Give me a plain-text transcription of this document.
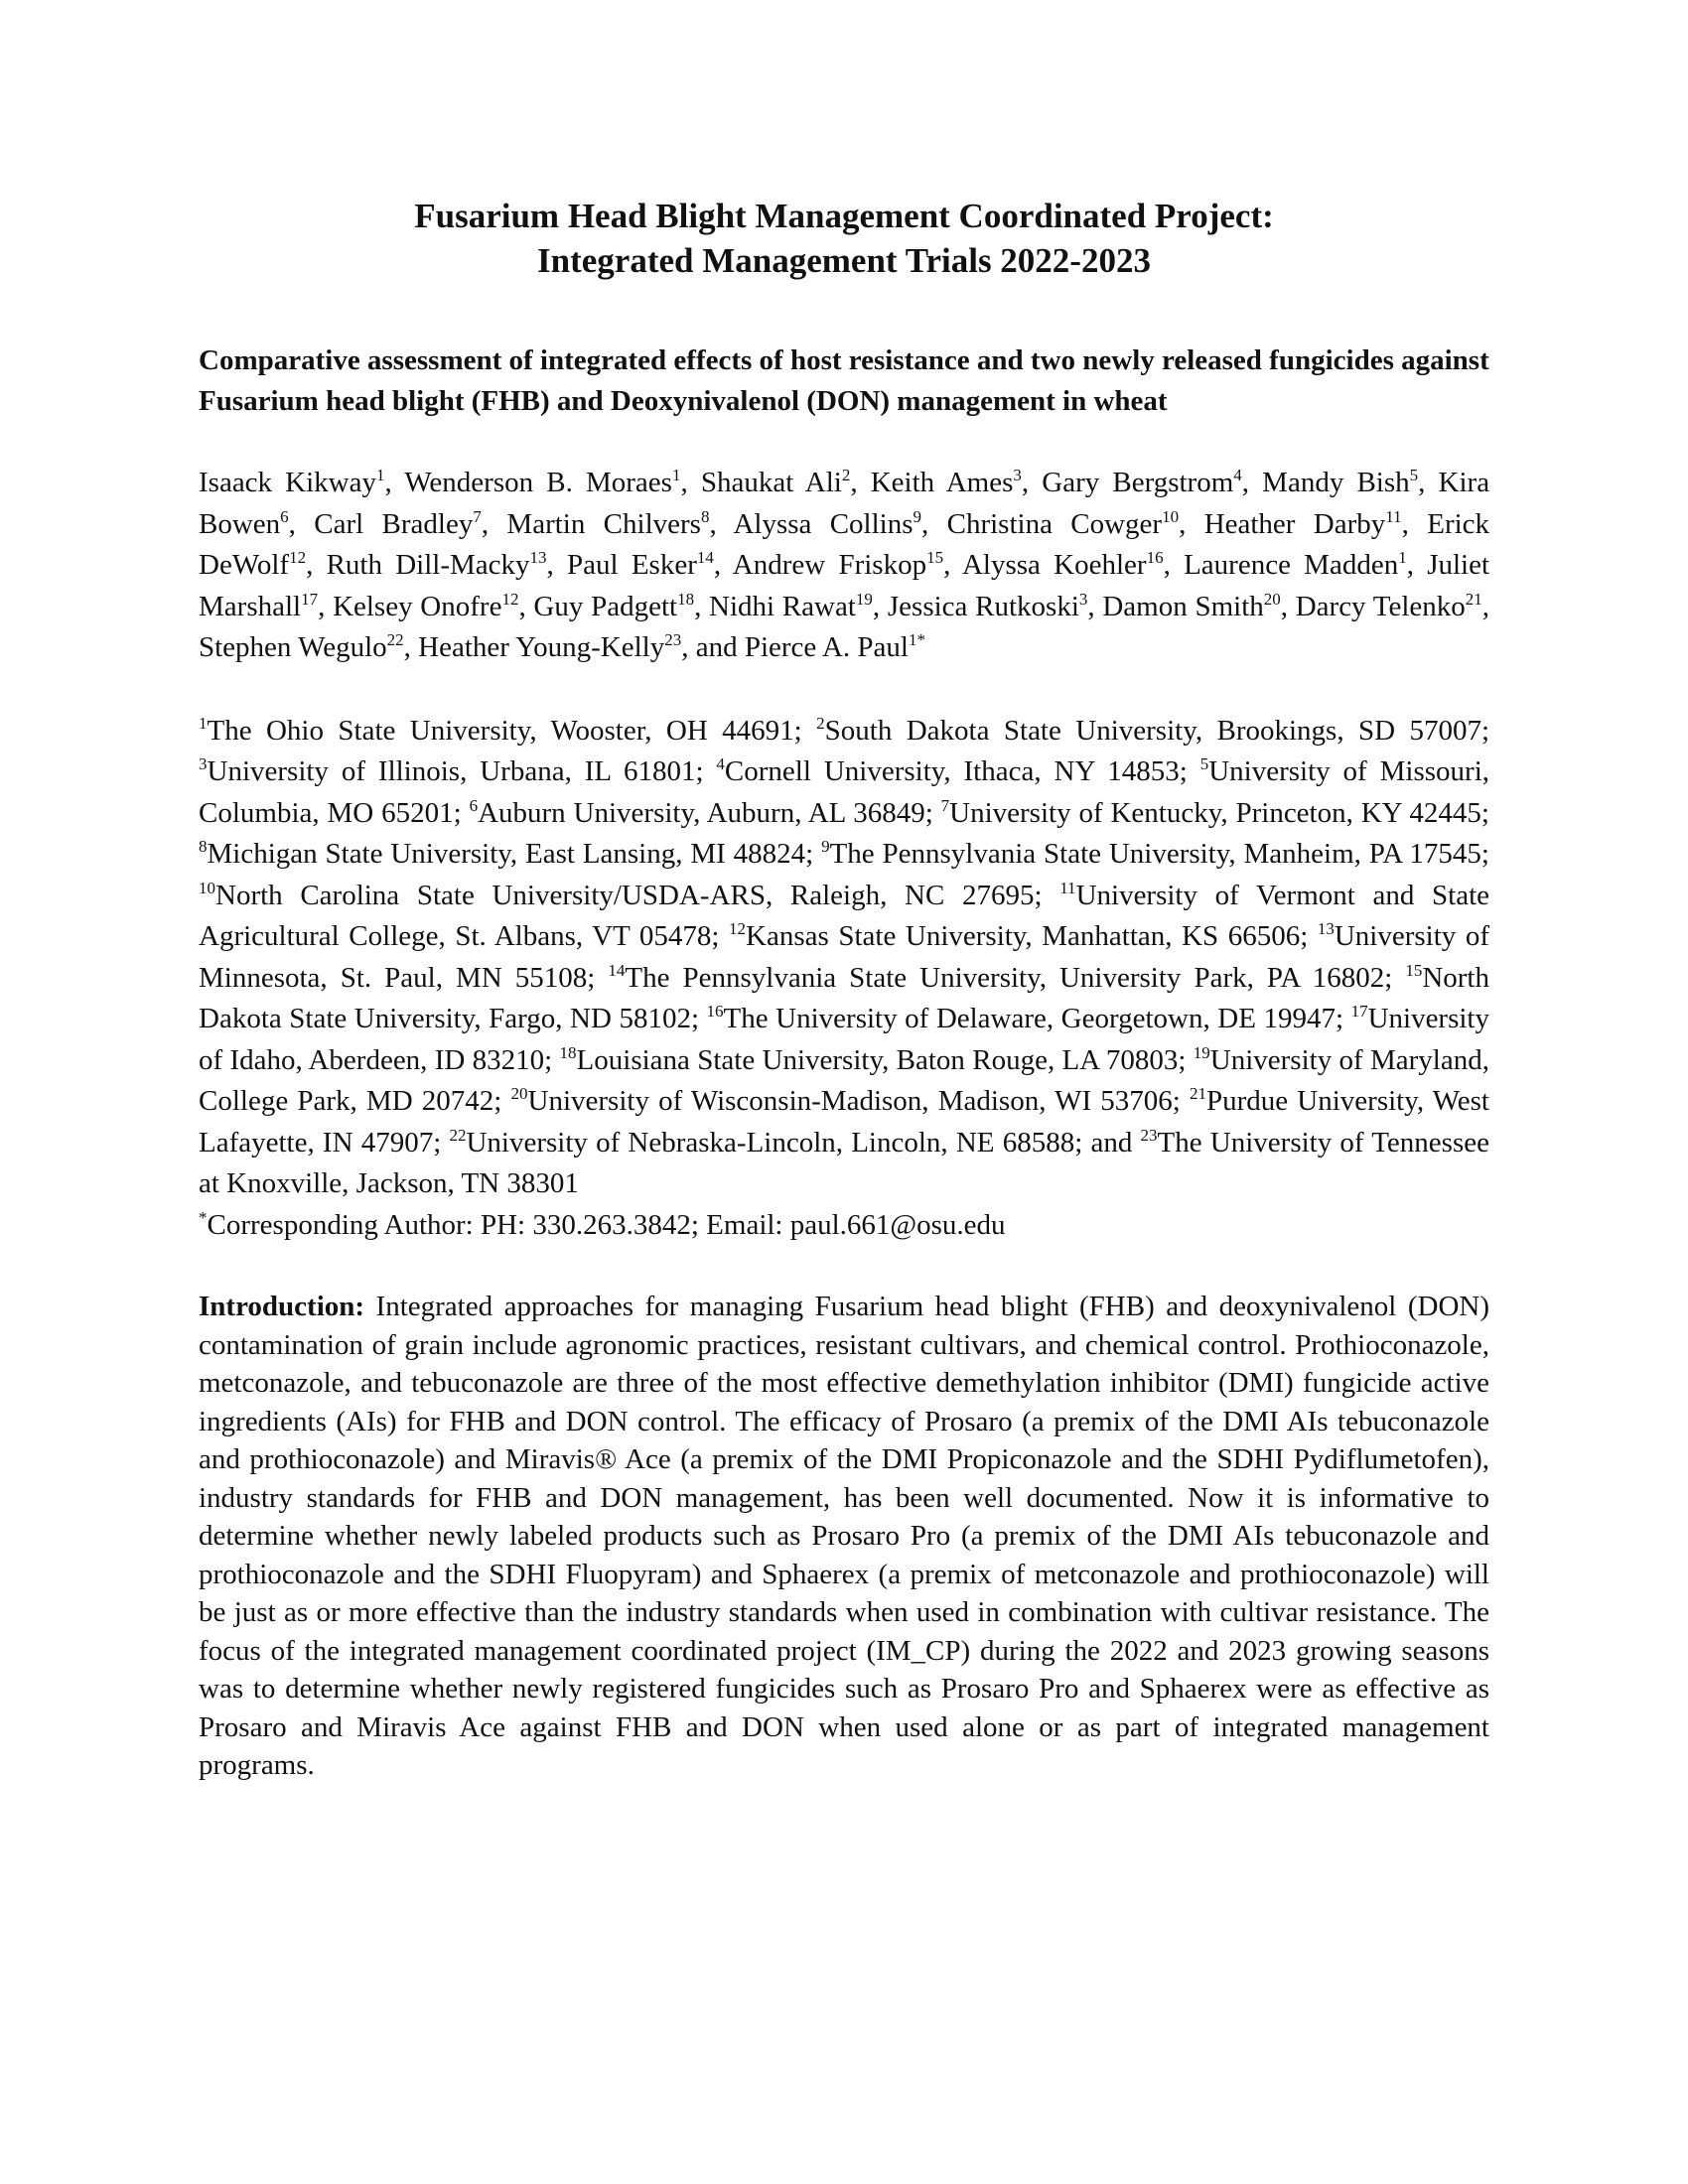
Fusarium Head Blight Management Coordinated Project:
Integrated Management Trials 2022-2023

Comparative assessment of integrated effects of host resistance and two newly released fungicides against Fusarium head blight (FHB) and Deoxynivalenol (DON) management in wheat

Isaack Kikway$^1$, Wenderson B. Moraes$^1$, Shaukat Ali$^2$, Keith Ames$^3$, Gary Bergstrom$^4$, Mandy Bish$^5$, Kira Bowen$^6$, Carl Bradley$^7$, Martin Chilvers$^8$, Alyssa Collins$^9$, Christina Cowger$^{10}$, Heather Darby$^{11}$, Erick DeWolf$^{12}$, Ruth Dill-Macky$^{13}$, Paul Esker$^{14}$, Andrew Friskop$^{15}$, Alyssa Koehler$^{16}$, Laurence Madden$^1$, Juliet Marshall$^{17}$, Kelsey Onofre$^{12}$, Guy Padgett$^{18}$, Nidhi Rawat$^{19}$, Jessica Rutkoski$^3$, Damon Smith$^{20}$, Darcy Telenko$^{21}$, Stephen Wegulo$^{22}$, Heather Young-Kelly$^{23}$, and Pierce A. Paul$^{1*}$

$^1$The Ohio State University, Wooster, OH 44691; $^2$South Dakota State University, Brookings, SD 57007; $^3$University of Illinois, Urbana, IL 61801; $^4$Cornell University, Ithaca, NY 14853; $^5$University of Missouri, Columbia, MO 65201; $^6$Auburn University, Auburn, AL 36849; $^7$University of Kentucky, Princeton, KY 42445; $^8$Michigan State University, East Lansing, MI 48824; $^9$The Pennsylvania State University, Manheim, PA 17545; $^{10}$North Carolina State University/USDA-ARS, Raleigh, NC 27695; $^{11}$University of Vermont and State Agricultural College, St. Albans, VT 05478; $^{12}$Kansas State University, Manhattan, KS 66506; $^{13}$University of Minnesota, St. Paul, MN 55108; $^{14}$The Pennsylvania State University, University Park, PA 16802; $^{15}$North Dakota State University, Fargo, ND 58102; $^{16}$The University of Delaware, Georgetown, DE 19947; $^{17}$University of Idaho, Aberdeen, ID 83210; $^{18}$Louisiana State University, Baton Rouge, LA 70803; $^{19}$University of Maryland, College Park, MD 20742; $^{20}$University of Wisconsin-Madison, Madison, WI 53706; $^{21}$Purdue University, West Lafayette, IN 47907; $^{22}$University of Nebraska-Lincoln, Lincoln, NE 68588; and $^{23}$The University of Tennessee at Knoxville, Jackson, TN 38301

*Corresponding Author: PH: 330.263.3842; Email: paul.661@osu.edu

Introduction: Integrated approaches for managing Fusarium head blight (FHB) and deoxynivalenol (DON) contamination of grain include agronomic practices, resistant cultivars, and chemical control. Prothioconazole, metconazole, and tebuconazole are three of the most effective demethylation inhibitor (DMI) fungicide active ingredients (AIs) for FHB and DON control. The efficacy of Prosaro (a premix of the DMI AIs tebuconazole and prothioconazole) and Miravis® Ace (a premix of the DMI Propiconazole and the SDHI Pydiflumetofen), industry standards for FHB and DON management, has been well documented. Now it is informative to determine whether newly labeled products such as Prosaro Pro (a premix of the DMI AIs tebuconazole and prothioconazole and the SDHI Fluopyram) and Sphaerex (a premix of metconazole and prothioconazole) will be just as or more effective than the industry standards when used in combination with cultivar resistance. The focus of the integrated management coordinated project (IM_CP) during the 2022 and 2023 growing seasons was to determine whether newly registered fungicides such as Prosaro Pro and Sphaerex were as effective as Prosaro and Miravis Ace against FHB and DON when used alone or as part of integrated management programs.
